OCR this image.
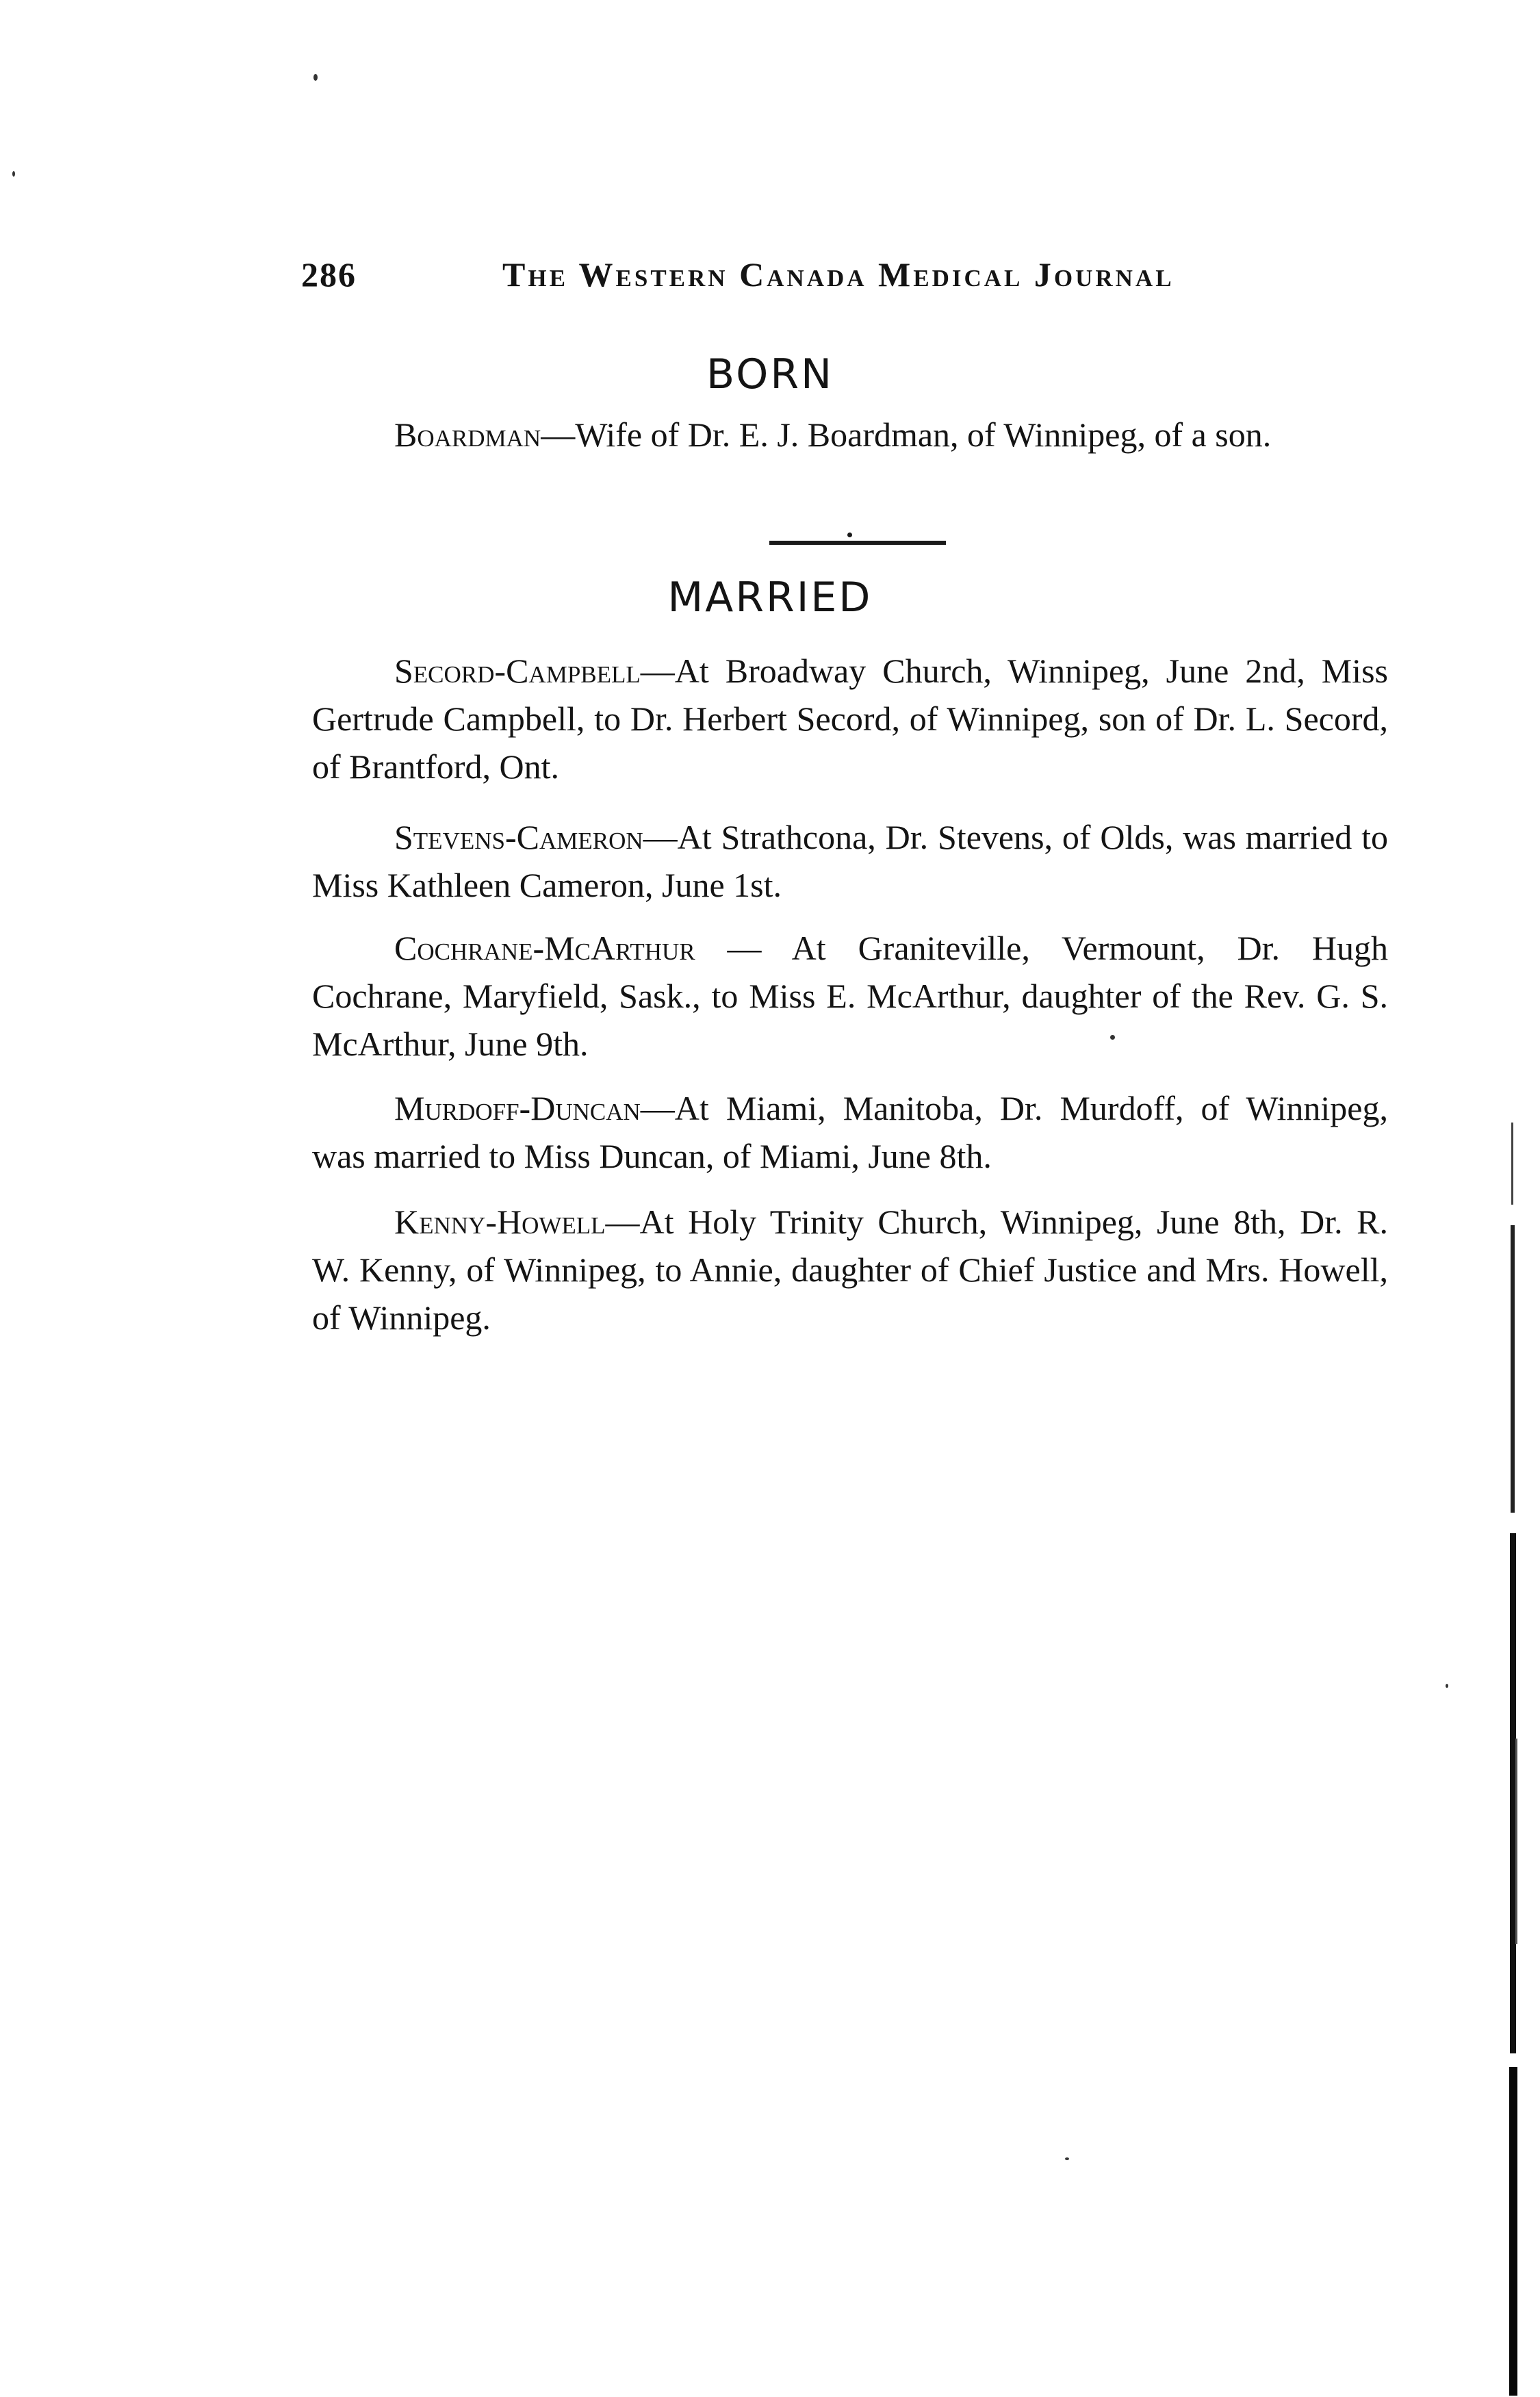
286	The Western Canada Medical Journal
BORN

Boardman—Wife of Dr. E. J. Boardman, of Winnipeg, of a son.

MARRIED

Secord-Campbell—At Broadway Church, Winnipeg, June 2nd, Miss Gertrude Campbell, to Dr. Herbert Secord, of Winnipeg, son of Dr. L. Secord, of Brantford, Ont.

Stevens-Cameron—At Strathcona, Dr. Stevens, of Olds, was married to Miss Kathleen Cameron, June 1st.

Cochrane-McArthur — At Graniteville, Vermount, Dr. Hugh Cochrane, Maryfield, Sask., to Miss E. McArthur, daughter of the Rev. G. S. McArthur, June 9th.

Murdoff-Duncan—At Miami, Manitoba, Dr. Murdoff, of Winnipeg, was married to Miss Duncan, of Miami, June 8th.

Kenny-Howell—At Holy Trinity Church, Winnipeg, June 8th, Dr. R. W. Kenny, of Winnipeg, to Annie, daughter of Chief Justice and Mrs. Howell, of Winnipeg.
